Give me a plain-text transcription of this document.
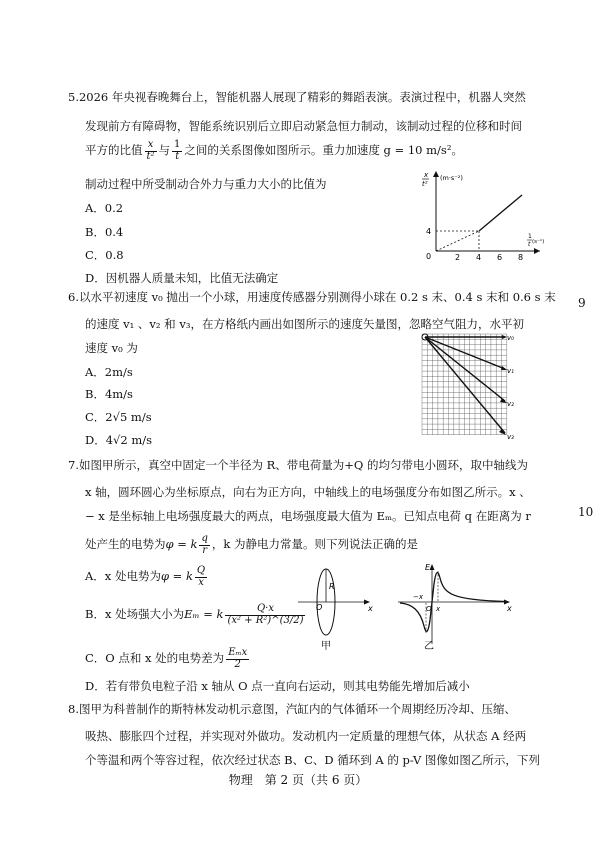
5.2026 年央视春晚舞台上，智能机器人展现了精彩的舞蹈表演。表演过程中，机器人突然
发现前方有障碍物，智能系统识别后立即启动紧急恒力制动，该制动过程的位移和时间
平方的比值 $\frac{x}{\text{t²}}$ 与 $\frac{1}{t}$ 之间的关系图像如图所示。重力加速度 g = 10 m/s²。
制动过程中所受制动合外力与重力大小的比值为
A．0.2
B．0.4
C．0.8
D．因机器人质量未知，比值无法确定
x
t²
(m·s⁻²)
1
t (s⁻¹)
0
4
2 4 6 8
6.以水平初速度 v₀ 抛出一个小球，用速度传感器分别测得小球在 0.2 s 末、0.4 s 末和 0.6 s 末
的速度 v₁ 、v₂ 和 v₃，在方格纸内画出如图所示的速度矢量图，忽略空气阻力，水平初
速度 v₀ 为
A．2m/s
B．4m/s
C．2√5 m/s
D．4√2 m/s
v₀
v₁
v₂
v₃
7.如图甲所示，真空中固定一个半径为 R、带电荷量为+Q 的均匀带电小圆环，取中轴线为
x 轴，圆环圆心为坐标原点，向右为正方向，中轴线上的电场强度分布如图乙所示。x 、
− x 是坐标轴上电场强度最大的两点，电场强度最大值为 Eₘ。已知点电荷 q 在距离为 r
处产生的电势为φ = k $\frac{q}{r}$ ，k 为静电力常量。则下列说法正确的是
A．x 处电势为φ = k $\frac{Q}{x}$
B．x 处场强大小为Eₘ = k $\frac{Q\cdot x}{\text{(x² + R²)\textasciicircum{}(3/2)}}$
C．O 点和 x 处的电势差为 $\frac{\text{Eₘx}}{2}$
D．若有带负电粒子沿 x 轴从 O 点一直向右运动，则其电势能先增加后减小
R
O	x
甲
E
−x
O x	x
乙
8.图甲为科普制作的斯特林发动机示意图，汽缸内的气体循环一个周期经历冷却、压缩、
吸热、膨胀四个过程，并实现对外做功。发动机内一定质量的理想气体，从状态 A 经两
个等温和两个等容过程，依次经过状态 B、C、D 循环到 A 的 p-V 图像如图乙所示，下列
9
10
物理　第 2 页（共 6 页）
